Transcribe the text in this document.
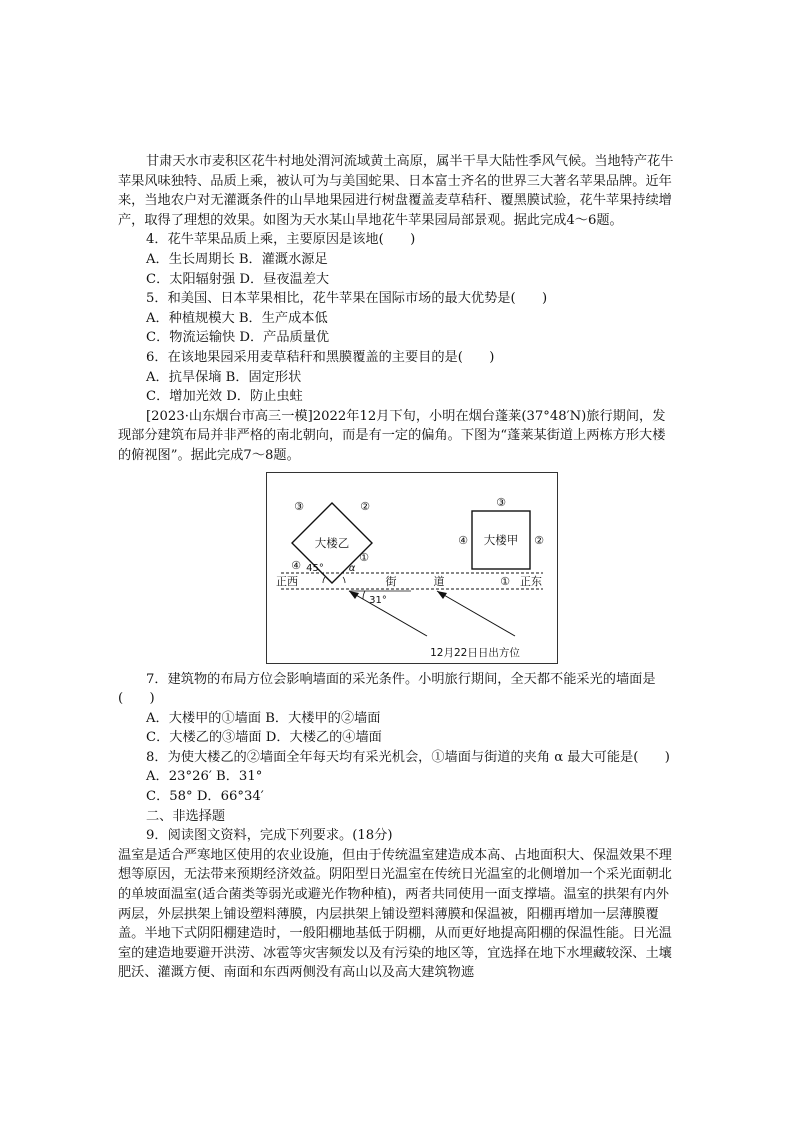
甘肃天水市麦积区花牛村地处渭河流域黄土高原，属半干旱大陆性季风气候。当地特产花牛苹果风味独特、品质上乘，被认可为与美国蛇果、日本富士齐名的世界三大著名苹果品牌。近年来，当地农户对无灌溉条件的山旱地果园进行树盘覆盖麦草秸秆、覆黑膜试验，花牛苹果持续增产，取得了理想的效果。如图为天水某山旱地花牛苹果园局部景观。据此完成4～6题。

4．花牛苹果品质上乘，主要原因是该地(　　)

A．生长周期长 B．灌溉水源足

C．太阳辐射强 D．昼夜温差大

5．和美国、日本苹果相比，花牛苹果在国际市场的最大优势是(　　)

A．种植规模大 B．生产成本低

C．物流运输快 D．产品质量优

6．在该地果园采用麦草秸秆和黑膜覆盖的主要目的是(　　)

A．抗旱保墒 B．固定形状

C．增加光效 D．防止虫蛀

[2023·山东烟台市高三一模]2022年12月下旬，小明在烟台蓬莱(37°48′N)旅行期间，发现部分建筑布局并非严格的南北朝向，而是有一定的偏角。下图为“蓬莱某街道上两栋方形大楼的俯视图”。据此完成7～8题。

大楼乙
③	②
④
①
45° α
大楼甲
③
④	②
正西	街	道	① 正东
31°
12月22日日出方位

7．建筑物的布局方位会影响墙面的采光条件。小明旅行期间，全天都不能采光的墙面是(　　)

A．大楼甲的①墙面 B．大楼甲的②墙面

C．大楼乙的③墙面 D．大楼乙的④墙面

8．为使大楼乙的②墙面全年每天均有采光机会，①墙面与街道的夹角 α 最大可能是(　　)

A．23°26′ B．31°

C．58° D．66°34′

二、非选择题

9．阅读图文资料，完成下列要求。(18分)

温室是适合严寒地区使用的农业设施，但由于传统温室建造成本高、占地面积大、保温效果不理想等原因，无法带来预期经济效益。阴阳型日光温室在传统日光温室的北侧增加一个采光面朝北的单坡面温室(适合菌类等弱光或避光作物种植)，两者共同使用一面支撑墙。温室的拱架有内外两层，外层拱架上铺设塑料薄膜，内层拱架上铺设塑料薄膜和保温被，阳棚再增加一层薄膜覆盖。半地下式阴阳棚建造时，一般阳棚地基低于阴棚，从而更好地提高阳棚的保温性能。日光温室的建造地要避开洪涝、冰雹等灾害频发以及有污染的地区等，宜选择在地下水埋藏较深、土壤肥沃、灌溉方便、南面和东西两侧没有高山以及高大建筑物遮
